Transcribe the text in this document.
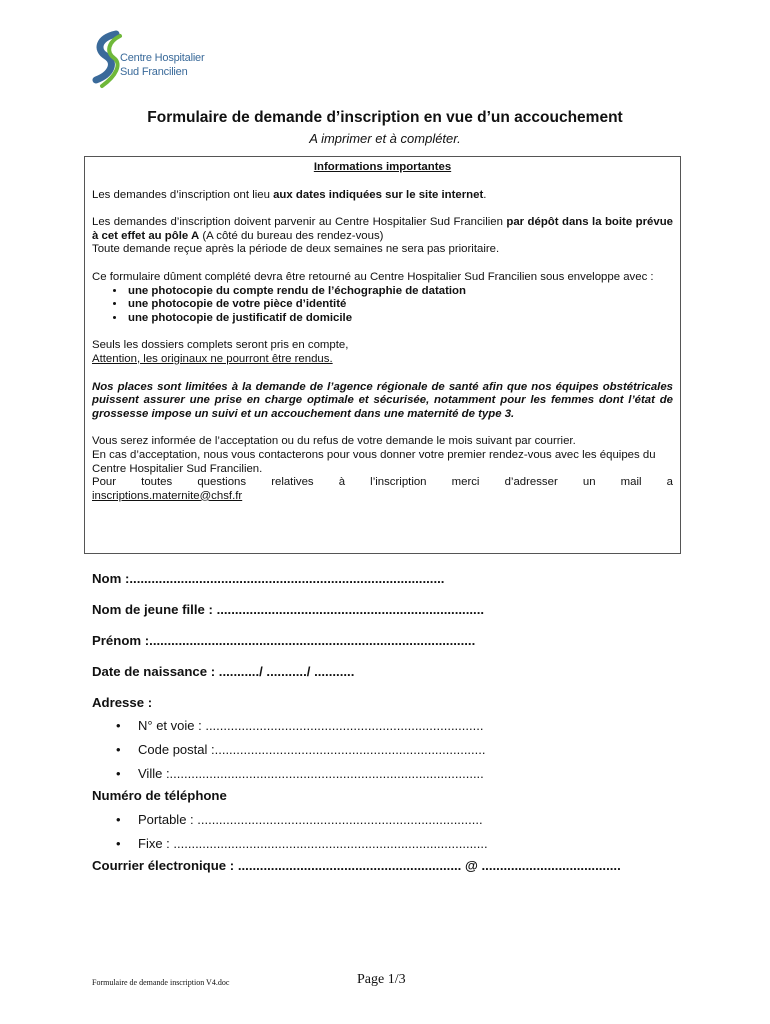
Centre Hospitalier
Sud Francilien
Formulaire de demande d’inscription en vue d’un accouchement
A imprimer et à compléter.
Informations importantes

Les demandes d’inscription ont lieu aux dates indiquées sur le site internet.

Les demandes d’inscription doivent parvenir au Centre Hospitalier Sud Francilien par dépôt dans la boite prévue à cet effet au pôle A (A côté du bureau des rendez-vous)
Toute demande reçue après la période de deux semaines ne sera pas prioritaire.

Ce formulaire dûment complété devra être retourné au Centre Hospitalier Sud Francilien sous enveloppe avec :
• une photocopie du compte rendu de l’échographie de datation
• une photocopie de votre pièce d’identité
• une photocopie de justificatif de domicile

Seuls les dossiers complets seront pris en compte,
Attention, les originaux ne pourront être rendus.

Nos places sont limitées à la demande de l’agence régionale de santé afin que nos équipes obstétricales puissent assurer une prise en charge optimale et sécurisée, notamment pour les femmes dont l’état de grossesse impose un suivi et un accouchement dans une maternité de type 3.

Vous serez informée de l’acceptation ou du refus de votre demande le mois suivant par courrier.
En cas d’acceptation, nous vous contacterons pour vous donner votre premier rendez-vous avec les équipes du Centre Hospitalier Sud Francilien.
Pour toutes questions relatives à l’inscription merci d’adresser un mail a
inscriptions.maternite@chsf.fr
Nom :......................................................................................
Nom de jeune fille : .........................................................................
Prénom :.........................................................................................
Date de naissance : .........../ .........../ ...........
Adresse :
• N° et voie : .............................................................................
• Code postal :...........................................................................
• Ville :.......................................................................................
Numéro de téléphone
• Portable : ...............................................................................
• Fixe : .......................................................................................
Courrier électronique : ............................................................. @ ......................................
Formulaire de demande inscription V4.doc	Page 1/3
